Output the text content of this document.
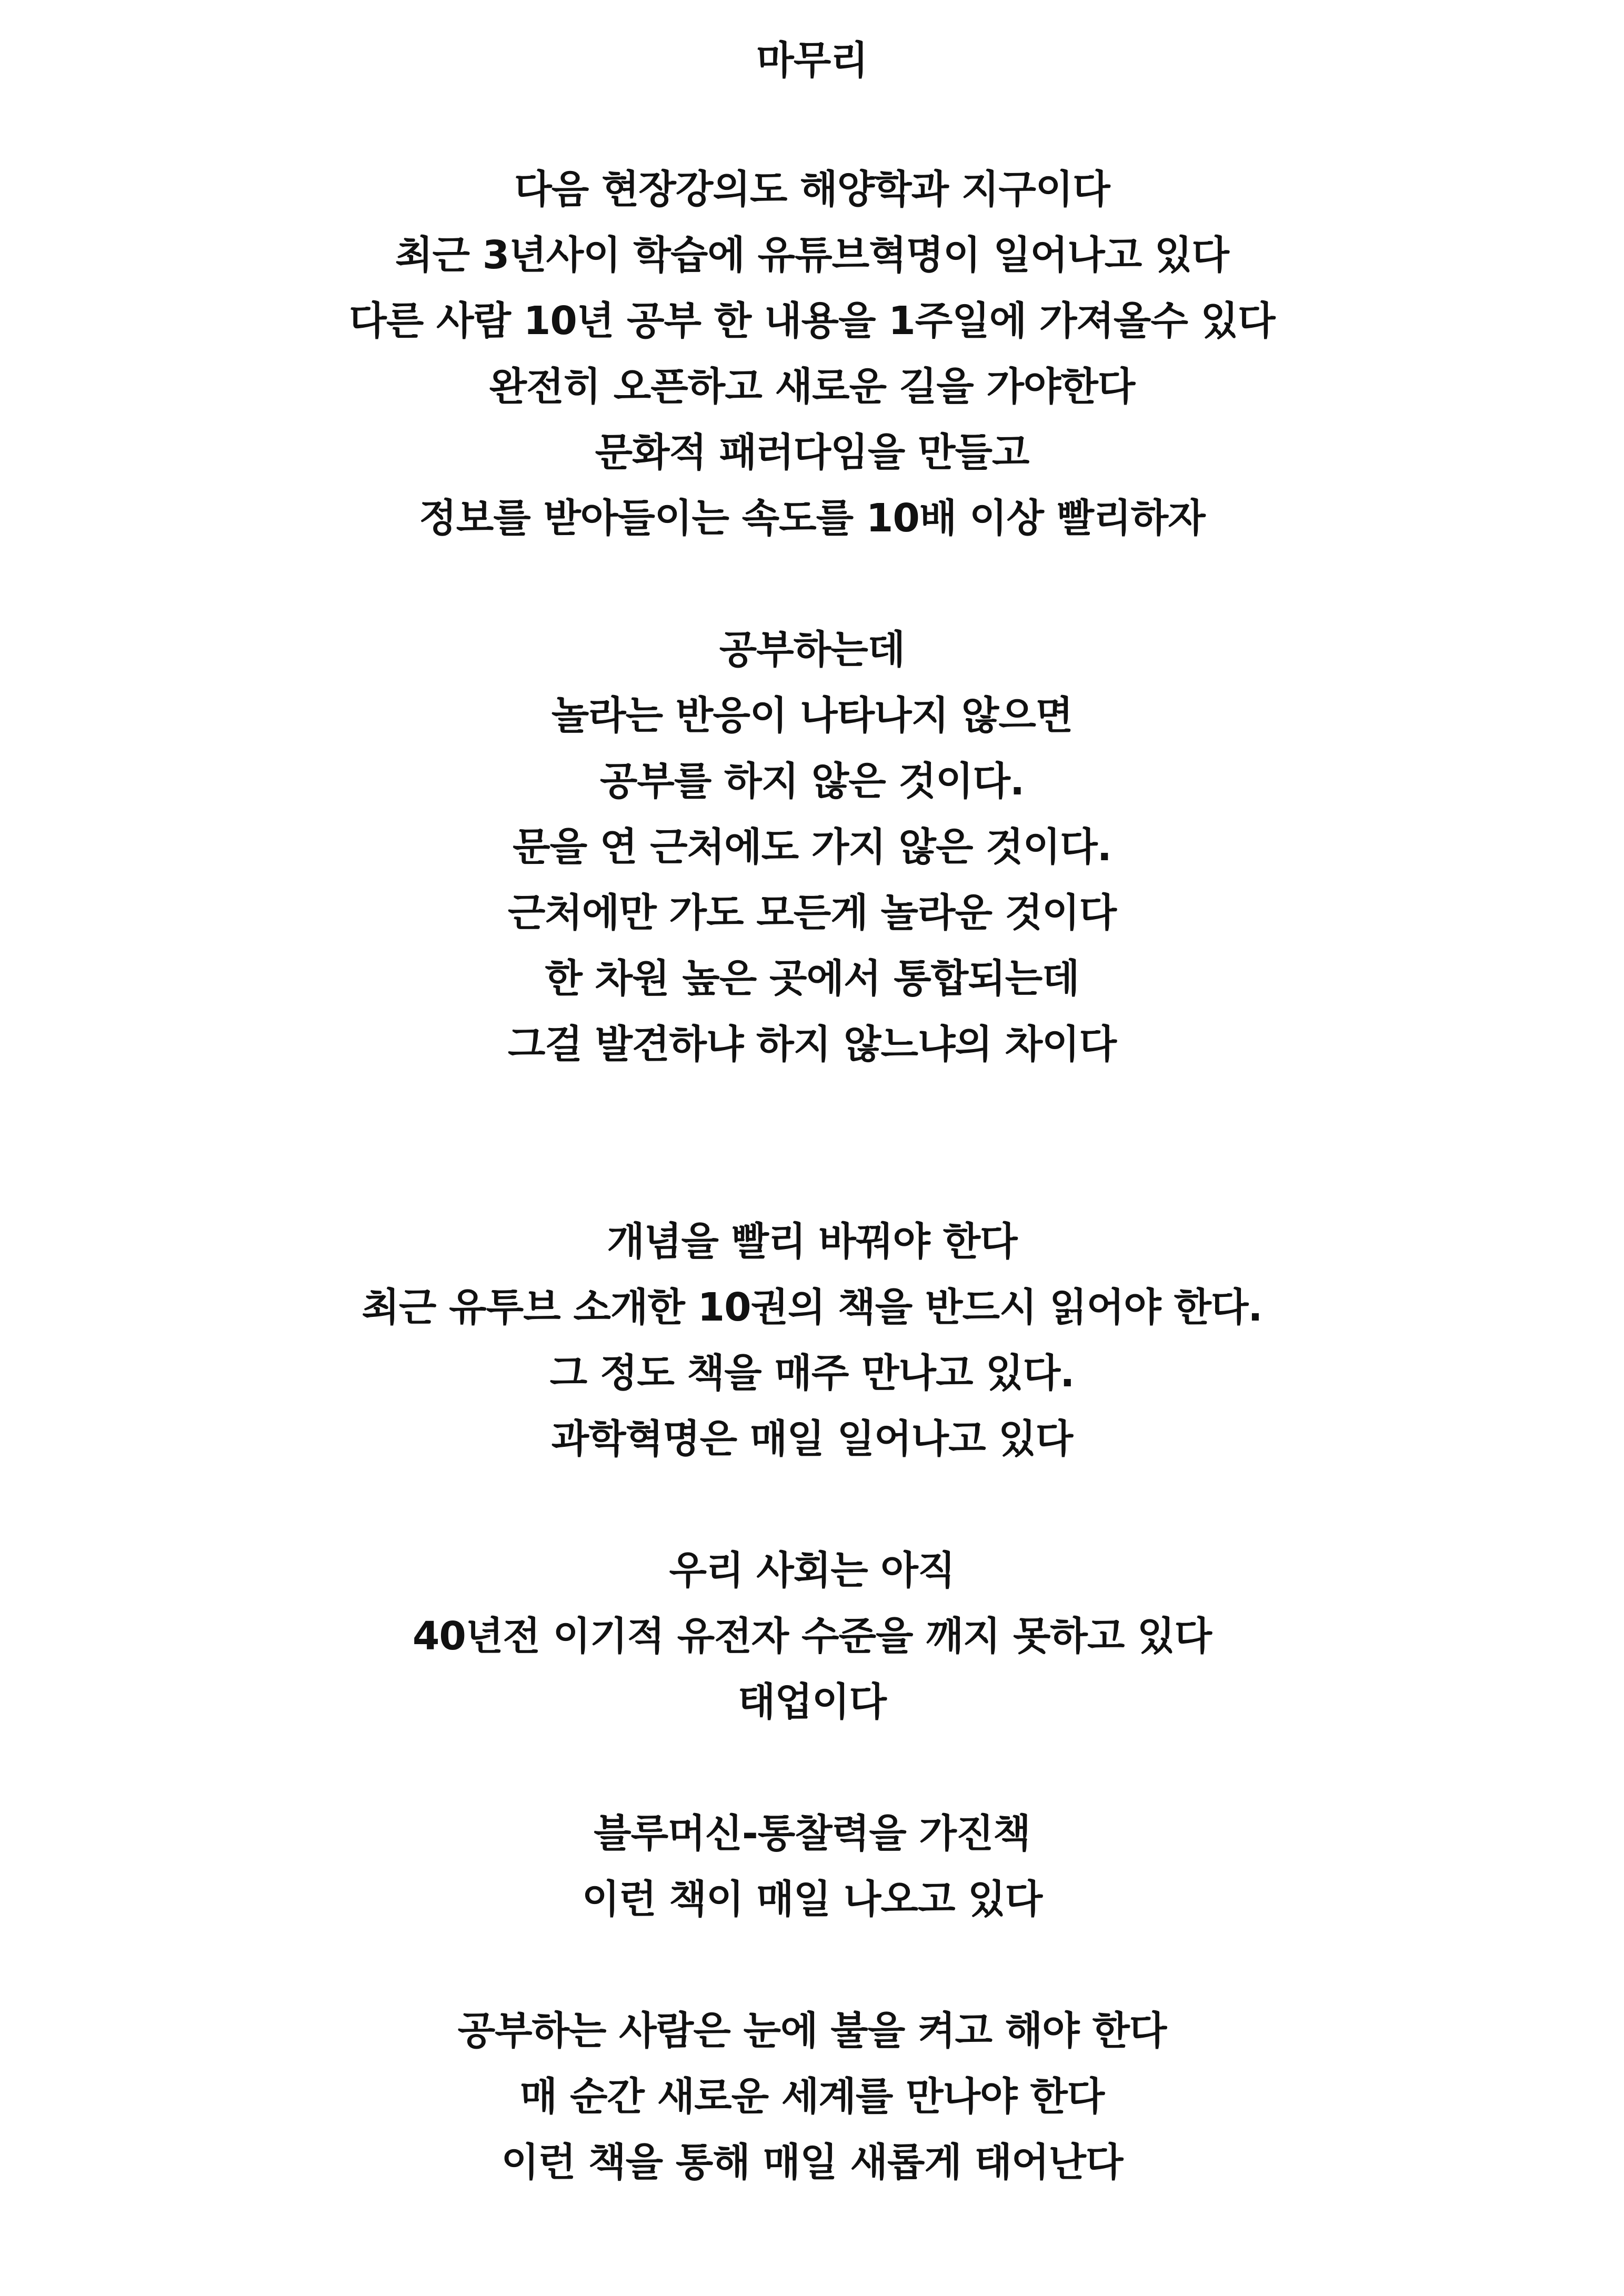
마무리
다음 현장강의도 해양학과 지구이다
최근 3년사이 학습에 유튜브혁명이 일어나고 있다
다른 사람 10년 공부 한 내용을 1주일에 가져올수 있다
완전히 오픈하고 새로운 길을 가야한다
문화적 패러다임을 만들고
정보를 받아들이는 속도를 10배 이상 빨리하자
공부하는데
놀라는 반응이 나타나지 않으면
공부를 하지 않은 것이다.
문을 연 근처에도 가지 않은 것이다.
근처에만 가도 모든게 놀라운 것이다
한 차원 높은 곳에서 통합되는데
그걸 발견하냐 하지 않느냐의 차이다
개념을 빨리 바꿔야 한다
최근 유투브 소개한 10권의 책을 반드시 읽어야 한다.
그 정도 책을 매주 만나고 있다.
과학혁명은 매일 일어나고 있다
우리 사회는 아직
40년전 이기적 유전자 수준을 깨지 못하고 있다
태업이다
블루머신-통찰력을 가진책
이런 책이 매일 나오고 있다
공부하는 사람은 눈에 불을 켜고 해야 한다
매 순간 새로운 세계를 만나야 한다
이런 책을 통해 매일 새롭게 태어난다
